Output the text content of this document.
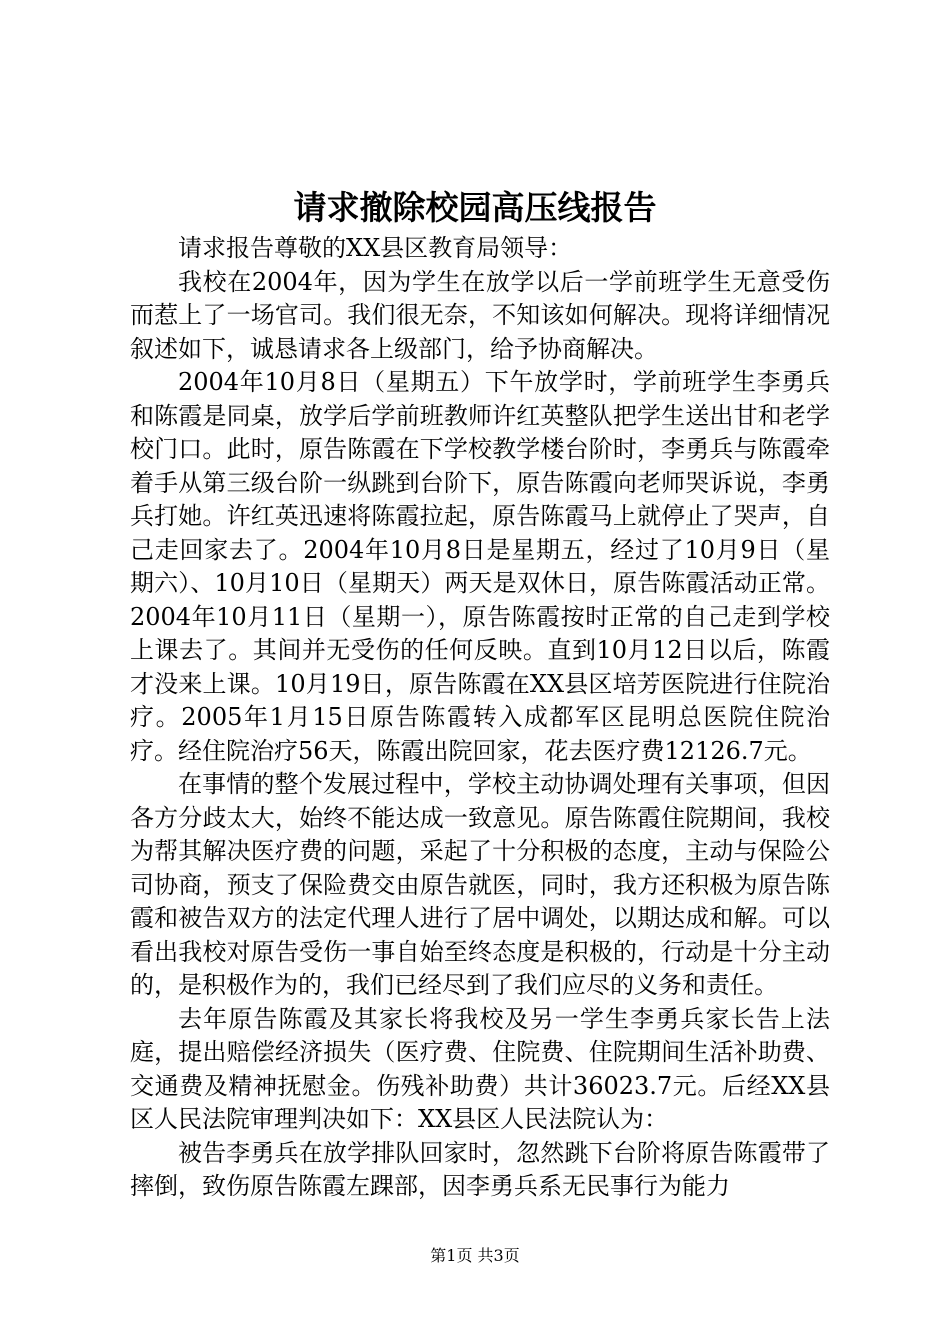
请求撤除校园高压线报告

请求报告尊敬的XX县区教育局领导：

我校在2004年，因为学生在放学以后一学前班学生无意受伤而惹上了一场官司。我们很无奈，不知该如何解决。现将详细情况叙述如下，诚恳请求各上级部门，给予协商解决。

2004年10月8日（星期五）下午放学时，学前班学生李勇兵和陈霞是同桌，放学后学前班教师许红英整队把学生送出甘和老学校门口。此时，原告陈霞在下学校教学楼台阶时，李勇兵与陈霞牵着手从第三级台阶一纵跳到台阶下，原告陈霞向老师哭诉说，李勇兵打她。许红英迅速将陈霞拉起，原告陈霞马上就停止了哭声，自己走回家去了。2004年10月8日是星期五，经过了10月9日（星期六）、10月10日（星期天）两天是双休日，原告陈霞活动正常。2004年10月11日（星期一），原告陈霞按时正常的自己走到学校上课去了。其间并无受伤的任何反映。直到10月12日以后，陈霞才没来上课。10月19日，原告陈霞在XX县区培芳医院进行住院治疗。2005年1月15日原告陈霞转入成都军区昆明总医院住院治疗。经住院治疗56天，陈霞出院回家，花去医疗费12126.7元。

在事情的整个发展过程中，学校主动协调处理有关事项，但因各方分歧太大，始终不能达成一致意见。原告陈霞住院期间，我校为帮其解决医疗费的问题，采起了十分积极的态度，主动与保险公司协商，预支了保险费交由原告就医，同时，我方还积极为原告陈霞和被告双方的法定代理人进行了居中调处，以期达成和解。可以看出我校对原告受伤一事自始至终态度是积极的，行动是十分主动的，是积极作为的，我们已经尽到了我们应尽的义务和责任。

去年原告陈霞及其家长将我校及另一学生李勇兵家长告上法庭，提出赔偿经济损失（医疗费、住院费、住院期间生活补助费、交通费及精神抚慰金。伤残补助费）共计36023.7元。后经XX县区人民法院审理判决如下：XX县区人民法院认为：

被告李勇兵在放学排队回家时，忽然跳下台阶将原告陈霞带了摔倒，致伤原告陈霞左踝部，因李勇兵系无民事行为能力

第1页 共3页
